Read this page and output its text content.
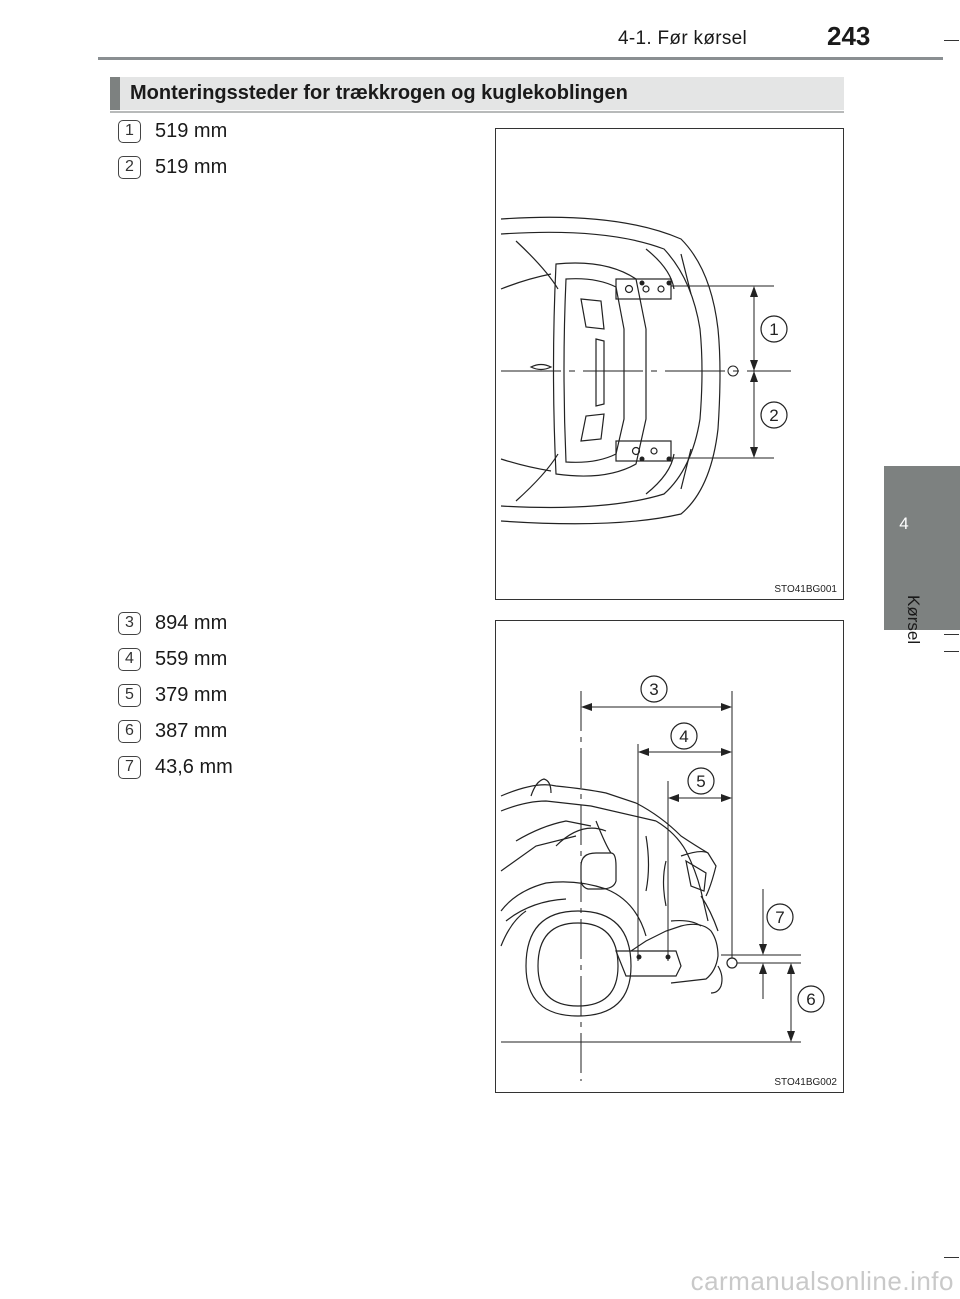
4-1. Før kørsel	243
4
Kørsel
Monteringssteder for trækkrogen og kuglekoblingen
1	519 mm
2	519 mm
3	894 mm
4	559 mm
5	379 mm
6	387 mm
7	43,6 mm
1
2
STO41BG001
3
4
5
7
6
STO41BG002
carmanualsonline.info
